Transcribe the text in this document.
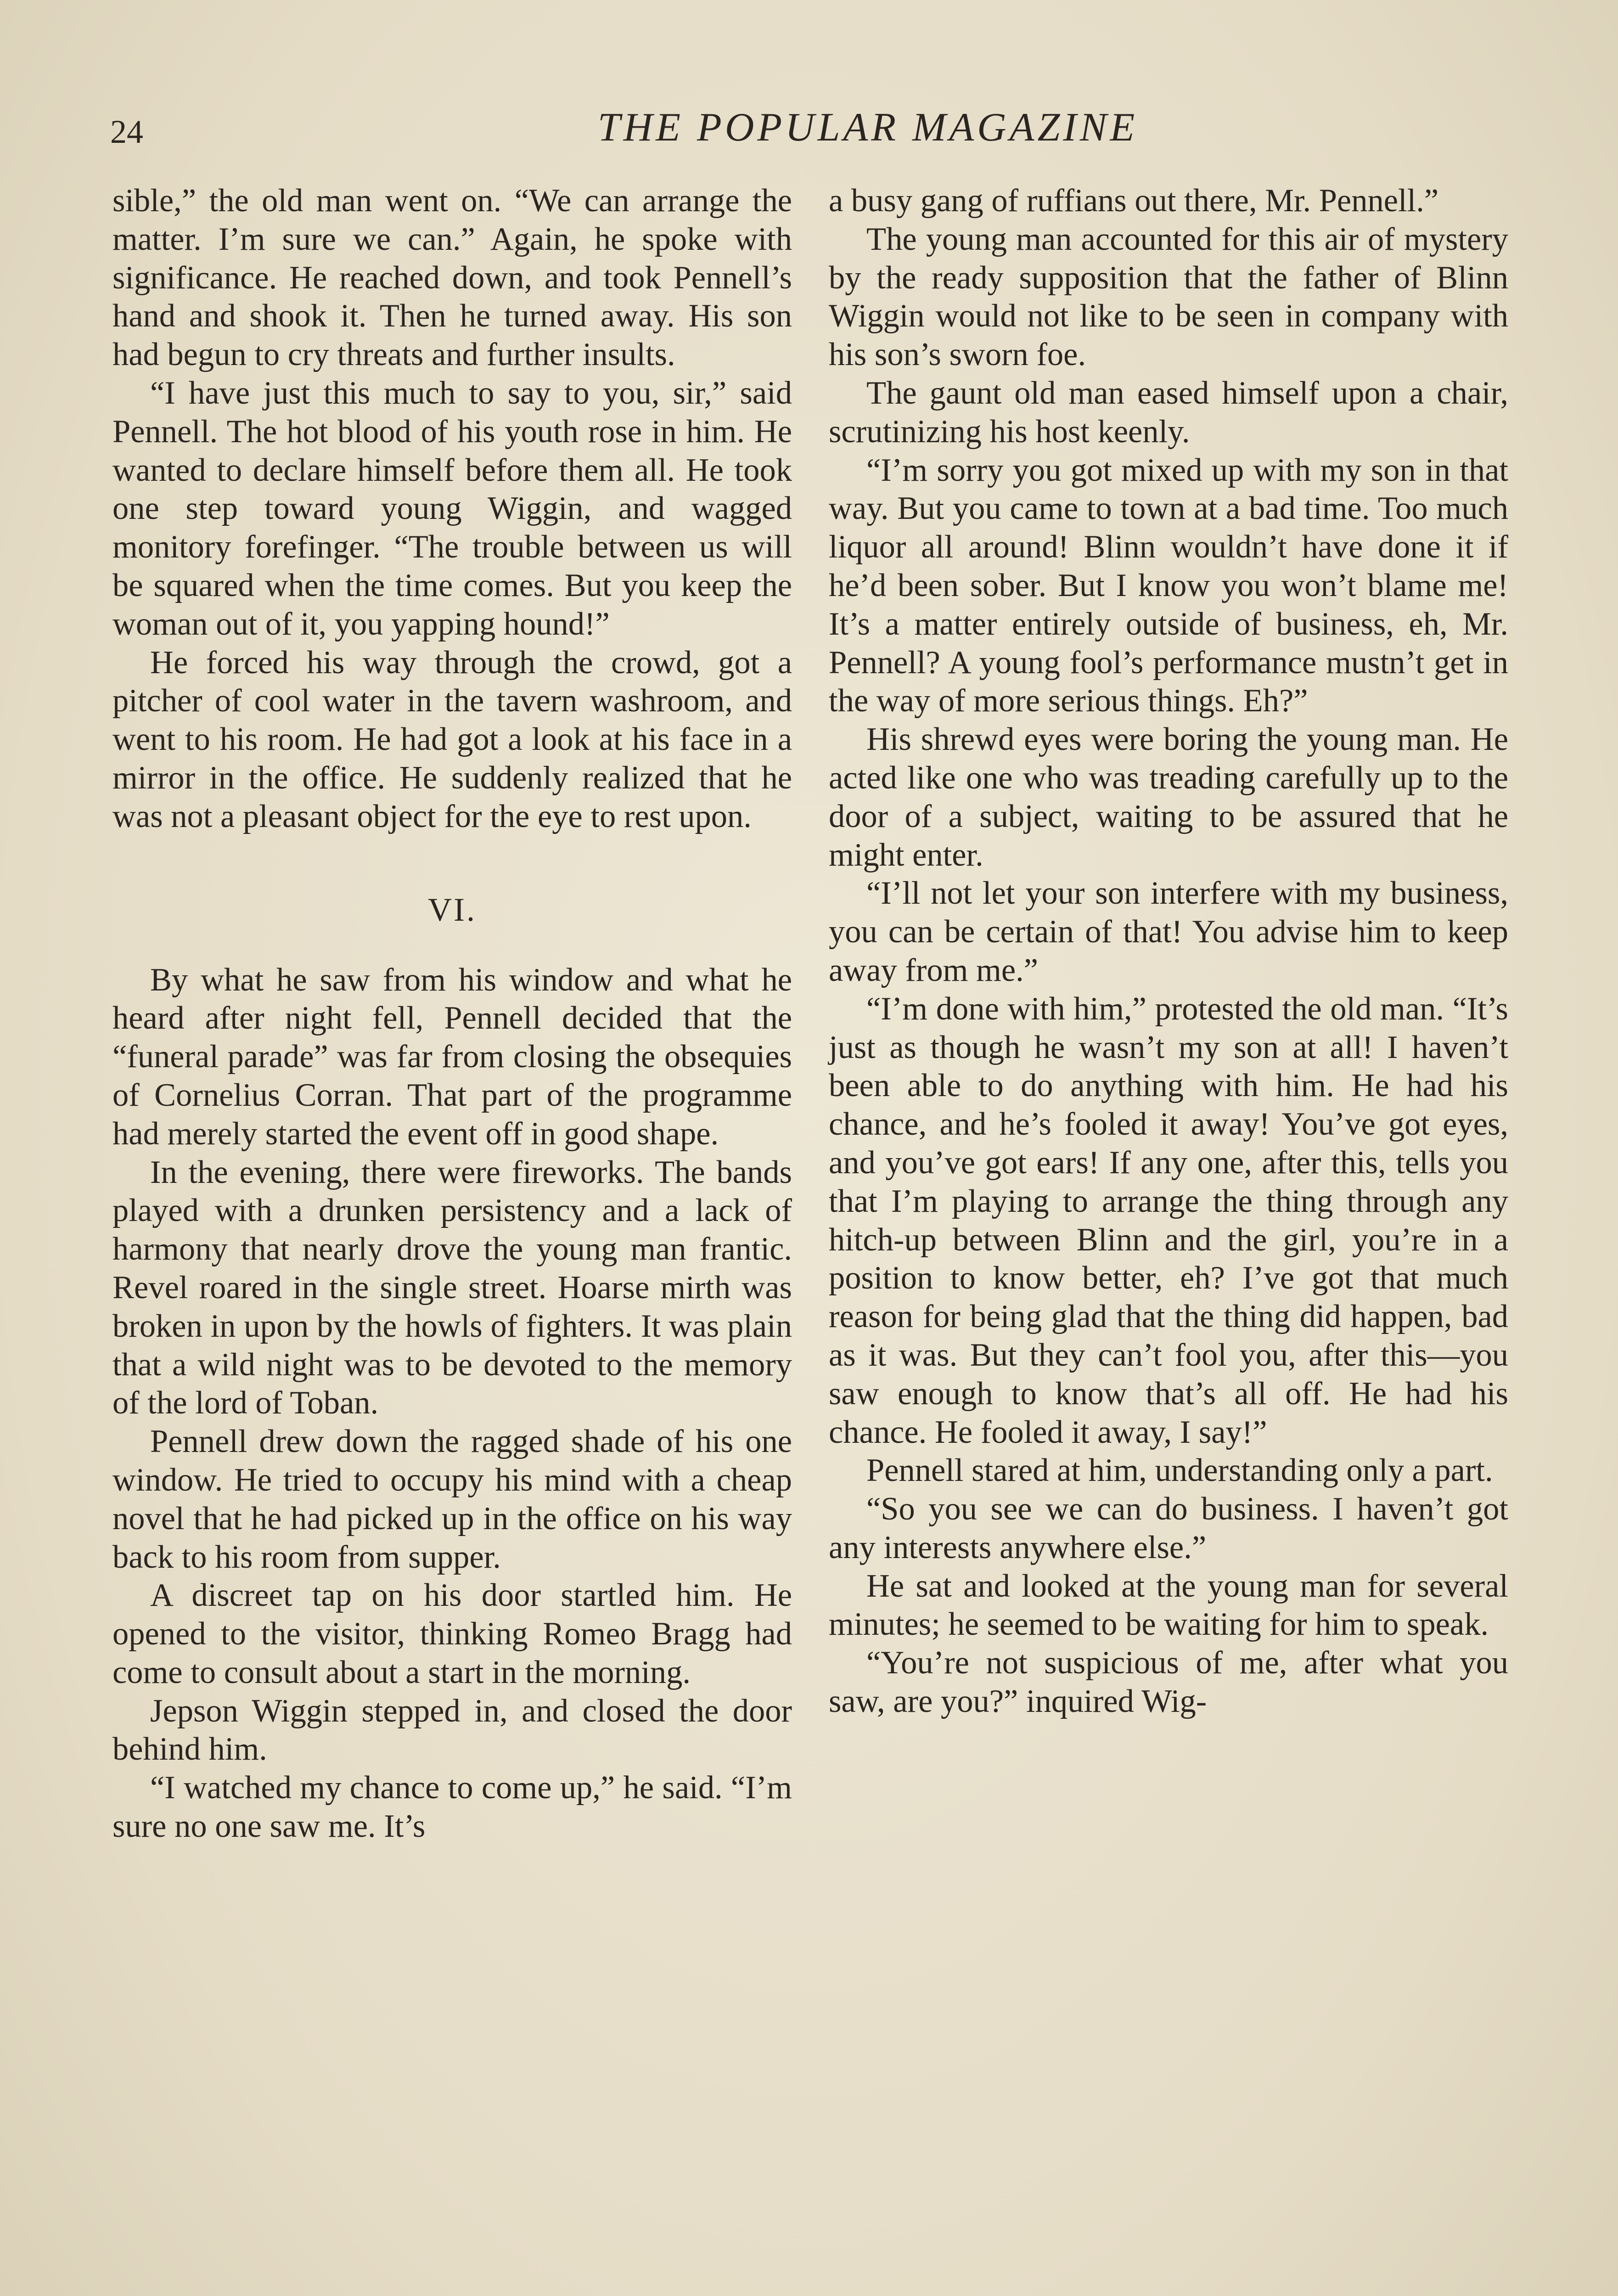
24	THE POPULAR MAGAZINE

sible,” the old man went on. “We can arrange the matter. I’m sure we can.” Again, he spoke with significance. He reached down, and took Pennell’s hand and shook it. Then he turned away. His son had begun to cry threats and further insults.

“I have just this much to say to you, sir,” said Pennell. The hot blood of his youth rose in him. He wanted to declare himself before them all. He took one step toward young Wiggin, and wagged monitory forefinger. “The trouble between us will be squared when the time comes. But you keep the woman out of it, you yapping hound!”

He forced his way through the crowd, got a pitcher of cool water in the tavern washroom, and went to his room. He had got a look at his face in a mirror in the office. He suddenly realized that he was not a pleasant object for the eye to rest upon.

VI.

By what he saw from his window and what he heard after night fell, Pennell decided that the “funeral parade” was far from closing the obsequies of Cornelius Corran. That part of the programme had merely started the event off in good shape.

In the evening, there were fireworks. The bands played with a drunken persistency and a lack of harmony that nearly drove the young man frantic. Revel roared in the single street. Hoarse mirth was broken in upon by the howls of fighters. It was plain that a wild night was to be devoted to the memory of the lord of Toban.

Pennell drew down the ragged shade of his one window. He tried to occupy his mind with a cheap novel that he had picked up in the office on his way back to his room from supper.

A discreet tap on his door startled him. He opened to the visitor, thinking Romeo Bragg had come to consult about a start in the morning.

Jepson Wiggin stepped in, and closed the door behind him.

“I watched my chance to come up,” he said. “I’m sure no one saw me. It’s

a busy gang of ruffians out there, Mr. Pennell.”

The young man accounted for this air of mystery by the ready supposition that the father of Blinn Wiggin would not like to be seen in company with his son’s sworn foe.

The gaunt old man eased himself upon a chair, scrutinizing his host keenly.

“I’m sorry you got mixed up with my son in that way. But you came to town at a bad time. Too much liquor all around! Blinn wouldn’t have done it if he’d been sober. But I know you won’t blame me! It’s a matter entirely outside of business, eh, Mr. Pennell? A young fool’s performance mustn’t get in the way of more serious things. Eh?”

His shrewd eyes were boring the young man. He acted like one who was treading carefully up to the door of a subject, waiting to be assured that he might enter.

“I’ll not let your son interfere with my business, you can be certain of that! You advise him to keep away from me.”

“I’m done with him,” protested the old man. “It’s just as though he wasn’t my son at all! I haven’t been able to do anything with him. He had his chance, and he’s fooled it away! You’ve got eyes, and you’ve got ears! If any one, after this, tells you that I’m playing to arrange the thing through any hitch-up between Blinn and the girl, you’re in a position to know better, eh? I’ve got that much reason for being glad that the thing did happen, bad as it was. But they can’t fool you, after this—you saw enough to know that’s all off. He had his chance. He fooled it away, I say!”

Pennell stared at him, understanding only a part.

“So you see we can do business. I haven’t got any interests anywhere else.”

He sat and looked at the young man for several minutes; he seemed to be waiting for him to speak.

“You’re not suspicious of me, after what you saw, are you?” inquired Wig-
